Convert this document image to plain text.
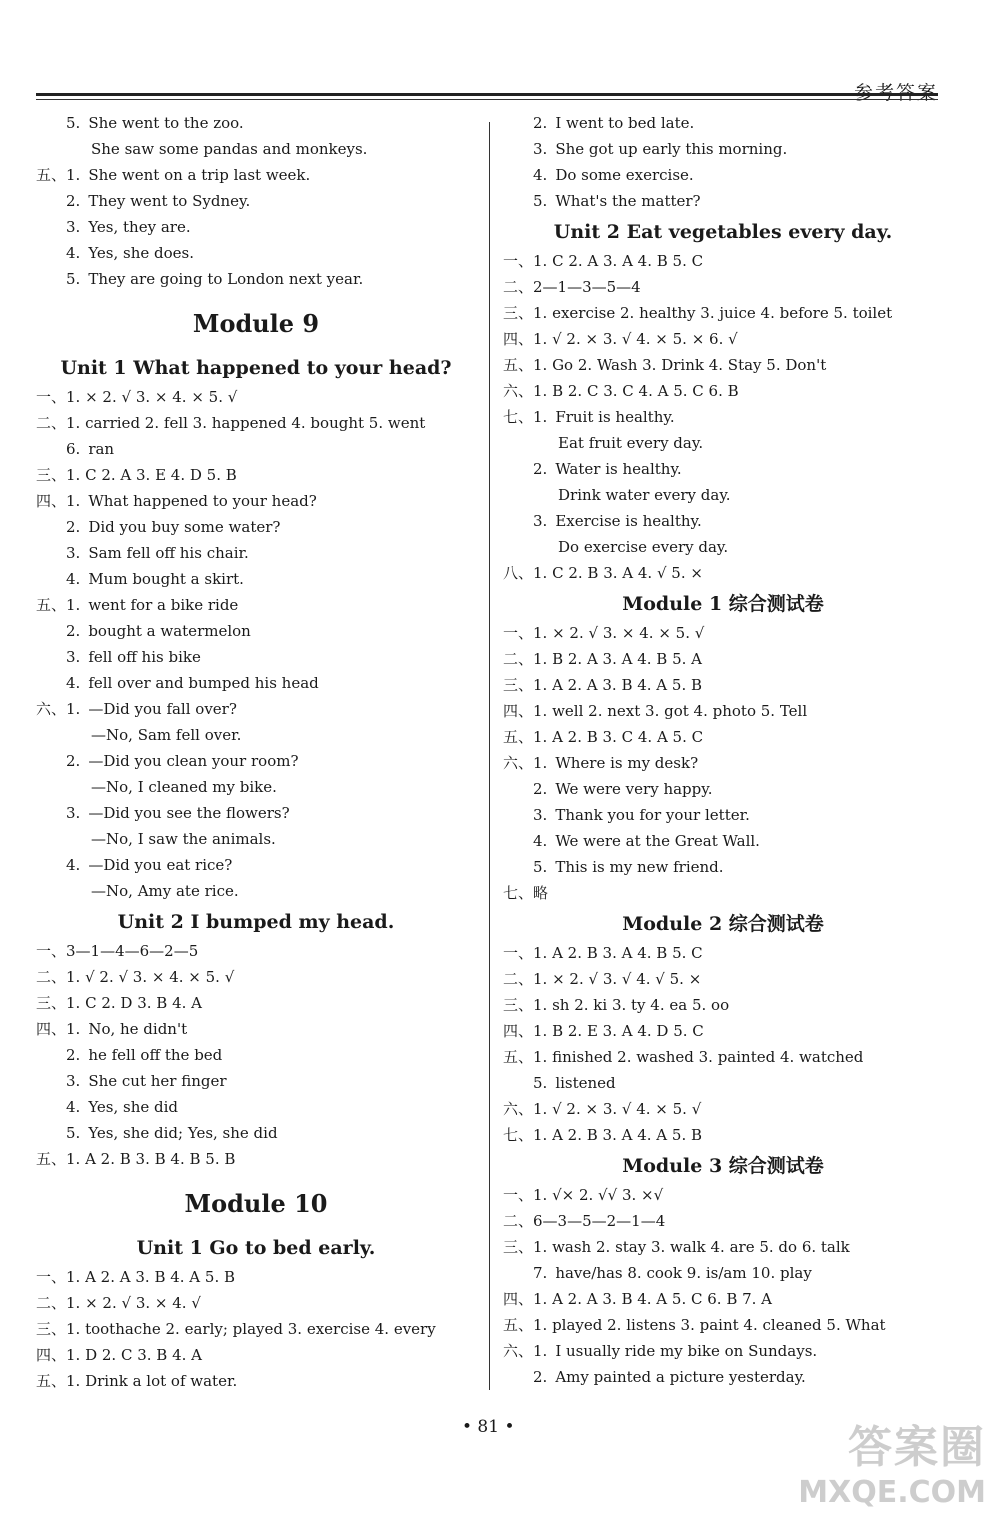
5. She went to the zoo.
She saw some pandas and monkeys.
五、 1. She went on a trip last week.
2. They went to Sydney.
3. Yes, they are.
4. Yes, she does.
5. They are going to London next year.
Module 9
Unit 1 What happened to your head?
一、 1. × 2. √ 3. × 4. × 5. √
二、 1. carried 2. fell 3. happened 4. bought 5. went
6. ran
三、 1. C 2. A 3. E 4. D 5. B
四、 1. What happened to your head?
2. Did you buy some water?
3. Sam fell off his chair.
4. Mum bought a skirt.
五、 1. went for a bike ride
2. bought a watermelon
3. fell off his bike
4. fell over and bumped his head
六、 1. —Did you fall over?
—No, Sam fell over.
2. —Did you clean your room?
—No, I cleaned my bike.
3. —Did you see the flowers?
—No, I saw the animals.
4. —Did you eat rice?
—No, Amy ate rice.
Unit 2 I bumped my head.
一、 3—1—4—6—2—5
二、 1. √ 2. √ 3. × 4. × 5. √
三、 1. C 2. D 3. B 4. A
四、 1. No, he didn't
2. he fell off the bed
3. She cut her finger
4. Yes, she did
5. Yes, she did; Yes, she did
五、 1. A 2. B 3. B 4. B 5. B
Module 10
Unit 1 Go to bed early.
一、 1. A 2. A 3. B 4. A 5. B
二、 1. × 2. √ 3. × 4. √
三、 1. toothache 2. early; played 3. exercise 4. every
四、 1. D 2. C 3. B 4. A
五、 1. Drink a lot of water.
2. I went to bed late.
3. She got up early this morning.
4. Do some exercise.
5. What's the matter?
Unit 2 Eat vegetables every day.
一、 1. C 2. A 3. A 4. B 5. C
二、 2—1—3—5—4
三、 1. exercise 2. healthy 3. juice 4. before 5. toilet
四、 1. √ 2. × 3. √ 4. × 5. × 6. √
五、 1. Go 2. Wash 3. Drink 4. Stay 5. Don't
六、 1. B 2. C 3. C 4. A 5. C 6. B
七、 1. Fruit is healthy.
Eat fruit every day.
2. Water is healthy.
Drink water every day.
3. Exercise is healthy.
Do exercise every day.
八、 1. C 2. B 3. A 4. √ 5. ×
Module 1 综合测试卷
一、 1. × 2. √ 3. × 4. × 5. √
二、 1. B 2. A 3. A 4. B 5. A
三、 1. A 2. A 3. B 4. A 5. B
四、 1. well 2. next 3. got 4. photo 5. Tell
五、 1. A 2. B 3. C 4. A 5. C
六、 1. Where is my desk?
2. We were very happy.
3. Thank you for your letter.
4. We were at the Great Wall.
5. This is my new friend.
七、 略
Module 2 综合测试卷
一、 1. A 2. B 3. A 4. B 5. C
二、 1. × 2. √ 3. √ 4. √ 5. ×
三、 1. sh 2. ki 3. ty 4. ea 5. oo
四、 1. B 2. E 3. A 4. D 5. C
五、 1. finished 2. washed 3. painted 4. watched
5. listened
六、 1. √ 2. × 3. √ 4. × 5. √
七、 1. A 2. B 3. A 4. A 5. B
Module 3 综合测试卷
一、 1. √× 2. √√ 3. ×√
二、 6—3—5—2—1—4
三、 1. wash 2. stay 3. walk 4. are 5. do 6. talk
7. have/has 8. cook 9. is/am 10. play
四、 1. A 2. A 3. B 4. A 5. C 6. B 7. A
五、 1. played 2. listens 3. paint 4. cleaned 5. What
六、 1. I usually ride my bike on Sundays.
2. Amy painted a picture yesterday.
• 81 •	答案圈
MXQE.COM
